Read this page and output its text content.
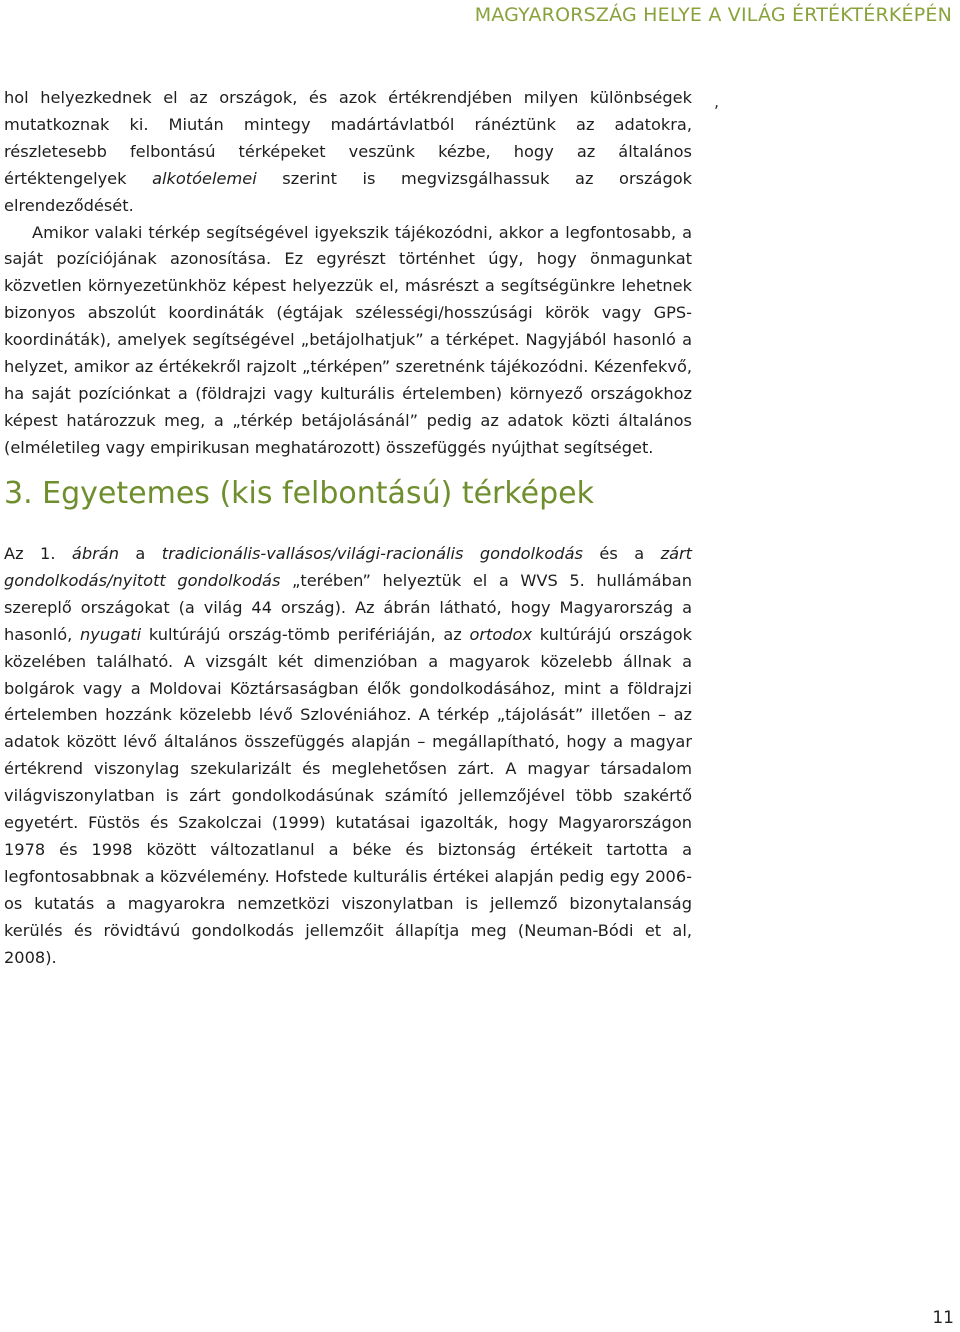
MAGYARORSZÁG HELYE A VILÁG ÉRTÉKTÉRKÉPÉN
,

hol helyezkednek el az országok, és azok értékrendjében milyen különbségek mutatkoznak ki. Miután mintegy madártávlatból ránéztünk az adatokra, részletesebb felbontású térképeket veszünk kézbe, hogy az általános értéktengelyek alkotóelemei szerint is megvizsgálhassuk az országok elrendeződését.

Amikor valaki térkép segítségével igyekszik tájékozódni, akkor a legfontosabb, a saját pozíciójának azonosítása. Ez egyrészt történhet úgy, hogy önmagunkat közvetlen környezetünkhöz képest helyezzük el, másrészt a segítségünkre lehetnek bizonyos abszolút koordináták (égtájak szélességi/hosszúsági körök vagy GPS-koordináták), amelyek segítségével „betájolhatjuk” a térképet. Nagyjából hasonló a helyzet, amikor az értékekről rajzolt „térképen” szeretnénk tájékozódni. Kézenfekvő, ha saját pozíciónkat a (földrajzi vagy kulturális értelemben) környező országokhoz képest határozzuk meg, a „térkép betájolásánál” pedig az adatok közti általános (elméletileg vagy empirikusan meghatározott) összefüggés nyújthat segítséget.

3. Egyetemes (kis felbontású) térképek

Az 1. ábrán a tradicionális-vallásos/világi-racionális gondolkodás és a zárt gondolkodás/nyitott gondolkodás „terében” helyeztük el a WVS 5. hullámában szereplő országokat (a világ 44 ország). Az ábrán látható, hogy Magyarország a hasonló, nyugati kultúrájú ország-tömb perifériáján, az ortodox kultúrájú országok közelében található. A vizsgált két dimenzióban a magyarok közelebb állnak a bolgárok vagy a Moldovai Köztársaságban élők gondolkodásához, mint a földrajzi értelemben hozzánk közelebb lévő Szlovéniához. A térkép „tájolását” illetően – az adatok között lévő általános összefüggés alapján – megállapítható, hogy a magyar értékrend viszonylag szekularizált és meglehetősen zárt. A magyar társadalom világviszonylatban is zárt gondolkodásúnak számító jellemzőjével több szakértő egyetért. Füstös és Szakolczai (1999) kutatásai igazolták, hogy Magyarországon 1978 és 1998 között változatlanul a béke és biztonság értékeit tartotta a legfontosabbnak a közvélemény. Hofstede kulturális értékei alapján pedig egy 2006-os kutatás a magyarokra nemzetközi viszonylatban is jellemző bizonytalanság kerülés és rövidtávú gondolkodás jellemzőit állapítja meg (Neuman-Bódi et al, 2008).

11
